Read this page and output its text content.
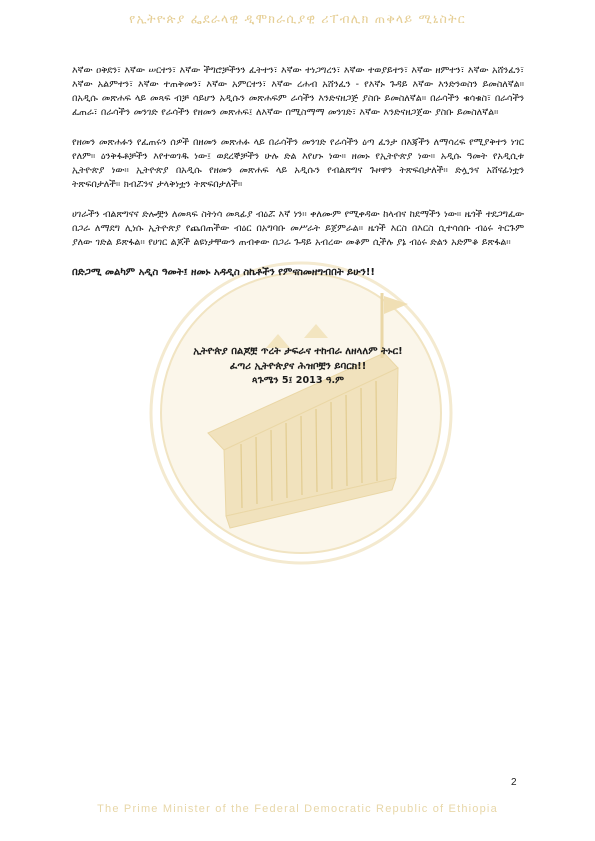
የኢትዮጵያ ፌደራላዊ ዲሞክራሲያዊ ሪፐብሊክ ጠቅላይ ሚኒስትር

እኛው ዐቅደን፣ እኛው ሠርተን፣ እኛው ችግሮቻችንን ፈትተን፣ እኛው ተነጋግረን፣ እኛው ተወያይተን፣ እኛው ዘምተን፣ እኛው አሸንፈን፣ እኛው አልምተን፣ እኛው ተጠቅመን፣ እኛው አምርተን፣ እኛው ረሐብ አሸንፈን - የእኛኑ ጉዳይ እኛው እንድንወስን ይመስለኛል። በአዲሱ መጽሐፍ ላይ መጻፍ ብቻ ሳይሆን አዲሱን መጽሐፍም ራሳችን እንድናዘጋጅ ያስቡ ይመስለኛል። በራሳችን ቁሳቁስ፣ በራሳችን ፈጠራ፣ በራሳችን መንገድ የራሳችን የዘመን መጽሐፍ፤ ለእኛው በሚስማማ መንገድ፣ እኛው እንድናዘጋጀው ያስቡ ይመስለኛል።

የዘመን መጽሐፉን የፈጠሩን ሰዎች በዘመን መጽሐፉ ላይ በራሳችን መንገድ የራሳችን ዕጣ ፈንታ በእጃችን ለማሳረፍ የሚያቅተን ነገር የለም። ዕንቅፋቶቻችን እየተወገዱ ነው፤ ወደረኞቻችን ሁሉ ድል እየሆኑ ነው። ዘመኑ የኢትዮጵያ ነው። አዲሱ ዓመት የአዲሲቱ ኢትዮጵያ ነው። ኢትዮጵያ በአዲሱ የዘመን መጽሐፍ ላይ አዲሱን የብልጽግና ጉዞዋን ትጽፍበታለች። ድሏንና አሸናፊነቷን ትጽፍበታለች። ክብሯንና ታላቅነቷን ትጽፍበታለች።

ሀገራችን ብልጽግናና ድሎቿን ለመጻፍ ስትነሳ መጻፊያ ብዕሯ እኛ ነን። ቀለሙም የሚቀዳው ከላብና ከደማችን ነው። ዜጎች ተደጋግፈው በጋራ ለማደግ ሊነሱ ኢትዮጵያ የጨበጠችው ብዕር በአግባቡ መሥራት ይጀምራል። ዜጎች እርስ በእርስ ሲተሳሰቡ ብዕሩ ትርጉም ያለው ገድል ይጽፋል። የሀገር ልጆች ልዩነታቸውን ጠብቀው በጋራ ጉዳይ አብረው መቆም ሲችሉ ያኔ ብዕሩ ድልን አድምቆ ይጽፋል።

በድጋሚ መልካም አዲስ ዓመት፤ ዘመኑ አዳዲስ ስኬቶችን የምናስመዘግብበት ይሁን!!

ኢትዮጵያ በልጆቿ ጥረት ታፍራና ተከብራ ለዘላለም ትኑር!
ፈጣሪ ኢትዮጵያና ሕዝቦቿን ይባርክ!!
ጳጉሜን 5፤ 2013 ዓ.ም
2
The Prime Minister of the Federal Democratic Republic of Ethiopia
